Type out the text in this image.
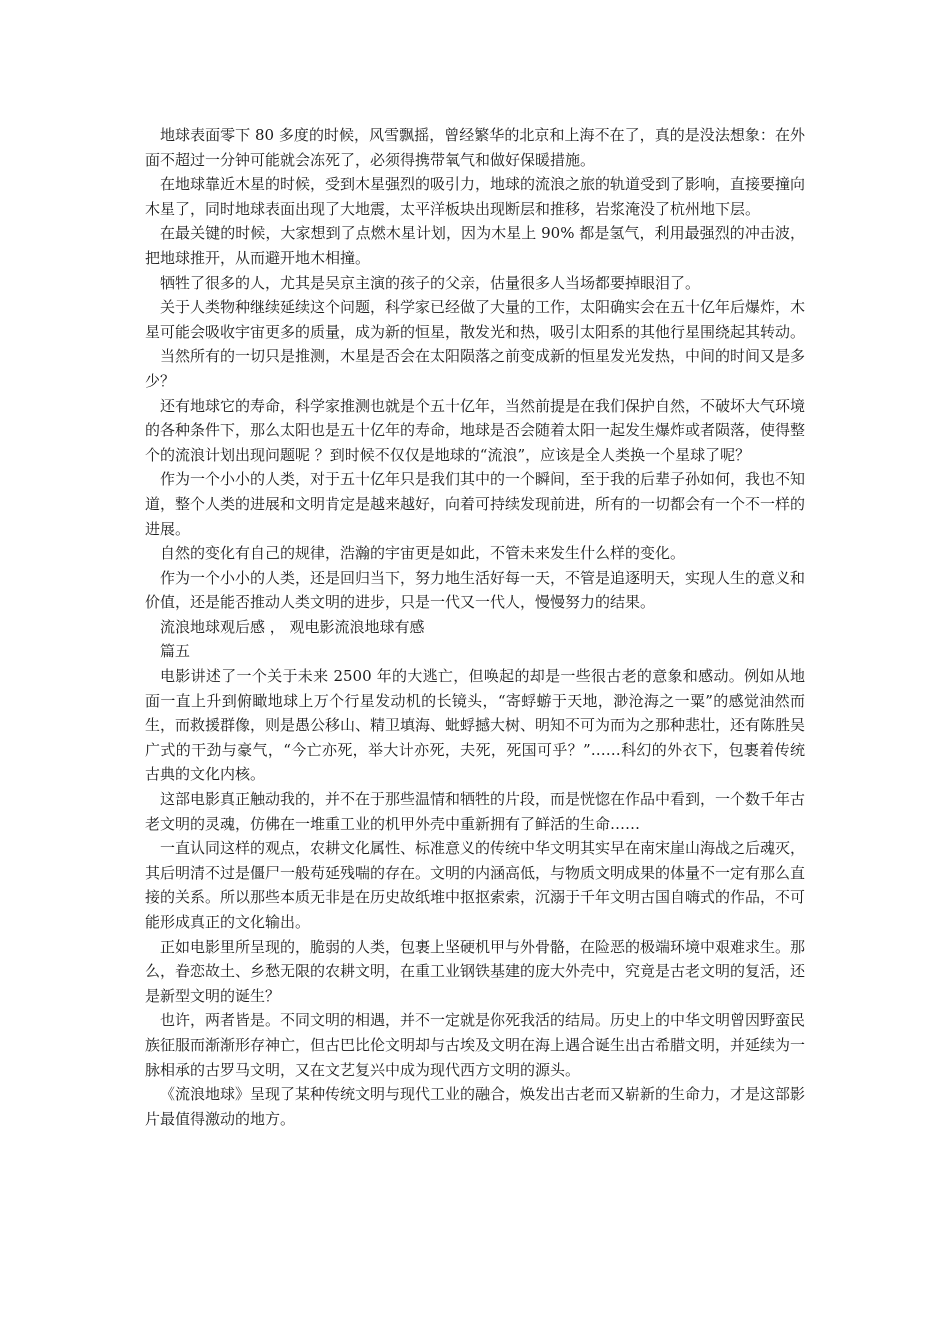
地球表面零下 80 多度的时候，风雪飘摇，曾经繁华的北京和上海不在了，真的是没法想象：在外面不超过一分钟可能就会冻死了，必须得携带氧气和做好保暖措施。

在地球靠近木星的时候，受到木星强烈的吸引力，地球的流浪之旅的轨道受到了影响，直接要撞向木星了，同时地球表面出现了大地震，太平洋板块出现断层和推移，岩浆淹没了杭州地下层。

在最关键的时候，大家想到了点燃木星计划，因为木星上 90% 都是氢气，利用最强烈的冲击波，把地球推开，从而避开地木相撞。

牺牲了很多的人，尤其是吴京主演的孩子的父亲，估量很多人当场都要掉眼泪了。

关于人类物种继续延续这个问题，科学家已经做了大量的工作，太阳确实会在五十亿年后爆炸，木星可能会吸收宇宙更多的质量，成为新的恒星，散发光和热，吸引太阳系的其他行星围绕起其转动。

当然所有的一切只是推测，木星是否会在太阳陨落之前变成新的恒星发光发热，中间的时间又是多少？

还有地球它的寿命，科学家推测也就是个五十亿年，当然前提是在我们保护自然，不破坏大气环境的各种条件下，那么太阳也是五十亿年的寿命，地球是否会随着太阳一起发生爆炸或者陨落，使得整个的流浪计划出现问题呢 ？到时候不仅仅是地球的“流浪”，应该是全人类换一个星球了呢？

作为一个小小的人类，对于五十亿年只是我们其中的一个瞬间，至于我的后辈子孙如何，我也不知道，整个人类的进展和文明肯定是越来越好，向着可持续发现前进，所有的一切都会有一个不一样的进展。

自然的变化有自己的规律，浩瀚的宇宙更是如此，不管未来发生什么样的变化。

作为一个小小的人类，还是回归当下，努力地生活好每一天，不管是追逐明天，实现人生的意义和价值，还是能否推动人类文明的进步，只是一代又一代人，慢慢努力的结果。

流浪地球观后感 ， 观电影流浪地球有感

篇五

电影讲述了一个关于未来 2500 年的大逃亡，但唤起的却是一些很古老的意象和感动。例如从地面一直上升到俯瞰地球上万个行星发动机的长镜头，“寄蜉蝣于天地，渺沧海之一粟”的感觉油然而生，而救援群像，则是愚公移山、精卫填海、蚍蜉撼大树、明知不可为而为之那种悲壮，还有陈胜吴广式的干劲与豪气，“今亡亦死，举大计亦死，夫死，死国可乎？”……科幻的外衣下，包裹着传统古典的文化内核。

这部电影真正触动我的，并不在于那些温情和牺牲的片段，而是恍惚在作品中看到，一个数千年古老文明的灵魂，仿佛在一堆重工业的机甲外壳中重新拥有了鲜活的生命……

一直认同这样的观点，农耕文化属性、标准意义的传统中华文明其实早在南宋崖山海战之后魂灭，其后明清不过是僵尸一般苟延残喘的存在。文明的内涵高低，与物质文明成果的体量不一定有那么直接的关系。所以那些本质无非是在历史故纸堆中抠抠索索，沉溺于千年文明古国自嗨式的作品，不可能形成真正的文化输出。

正如电影里所呈现的，脆弱的人类，包裹上坚硬机甲与外骨骼，在险恶的极端环境中艰难求生。那么，眷恋故土、乡愁无限的农耕文明，在重工业钢铁基建的庞大外壳中，究竟是古老文明的复活，还是新型文明的诞生？

也许，两者皆是。不同文明的相遇，并不一定就是你死我活的结局。历史上的中华文明曾因野蛮民族征服而渐渐形存神亡，但古巴比伦文明却与古埃及文明在海上遇合诞生出古希腊文明，并延续为一脉相承的古罗马文明，又在文艺复兴中成为现代西方文明的源头。

《流浪地球》呈现了某种传统文明与现代工业的融合，焕发出古老而又崭新的生命力，才是这部影片最值得激动的地方。
